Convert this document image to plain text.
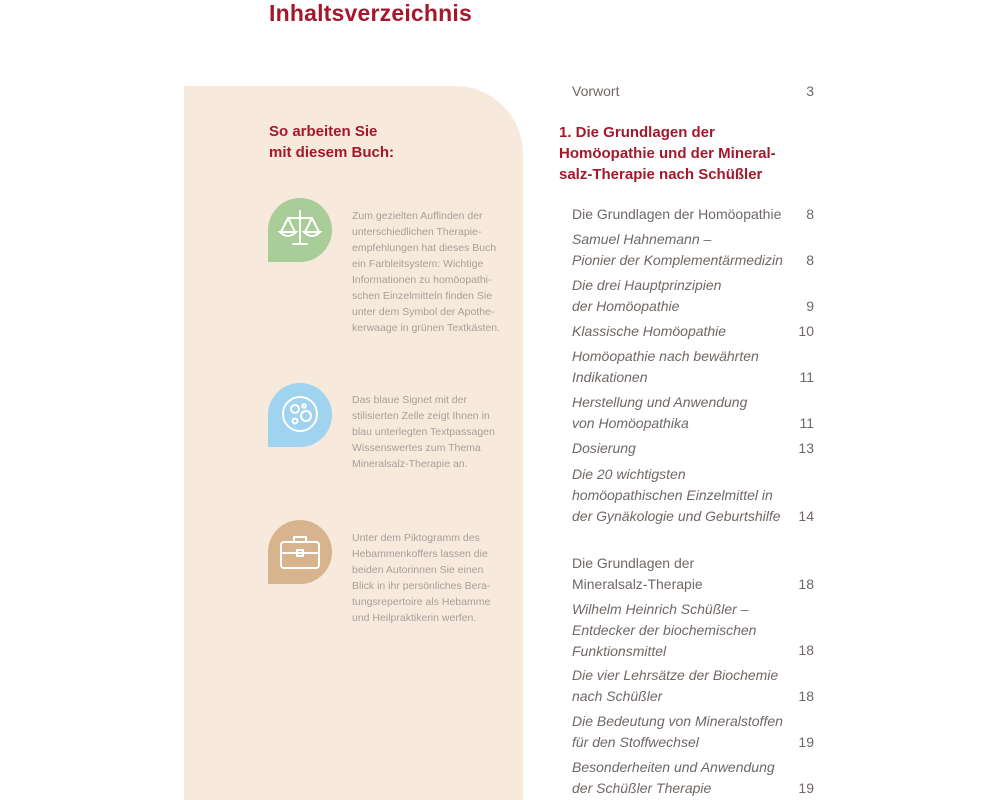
Inhaltsverzeichnis
So arbeiten Sie
mit diesem Buch:
Zum gezielten Auffinden der
unterschiedlichen Therapie-
empfehlungen hat dieses Buch
ein Farbleitsystem: Wichtige
Informationen zu homöopathi-
schen Einzelmitteln finden Sie
unter dem Symbol der Apothe-
kerwaage in grünen Textkästen.
Das blaue Signet mit der
stilisierten Zelle zeigt Ihnen in
blau unterlegten Textpassagen
Wissenswertes zum Thema
Mineralsalz-Therapie an.
Unter dem Piktogramm des
Hebammenkoffers lassen die
beiden Autorinnen Sie einen
Blick in ihr persönliches Bera-
tungsrepertoire als Hebamme
und Heilpraktikerin werfen.
Vorwort	3
1. Die Grundlagen der
Homöopathie und der Mineral-
salz-Therapie nach Schüßler
Die Grundlagen der Homöopathie	8
Samuel Hahnemann –
Pionier der Komplementärmedizin	8
Die drei Hauptprinzipien
der Homöopathie	9
Klassische Homöopathie	10
Homöopathie nach bewährten
Indikationen	11
Herstellung und Anwendung
von Homöopathika	11
Dosierung	13
Die 20 wichtigsten
homöopathischen Einzelmittel in
der Gynäkologie und Geburtshilfe	14
Die Grundlagen der
Mineralsalz-Therapie	18
Wilhelm Heinrich Schüßler –
Entdecker der biochemischen
Funktionsmittel	18
Die vier Lehrsätze der Biochemie
nach Schüßler	18
Die Bedeutung von Mineralstoffen
für den Stoffwechsel	19
Besonderheiten und Anwendung
der Schüßler Therapie	19
